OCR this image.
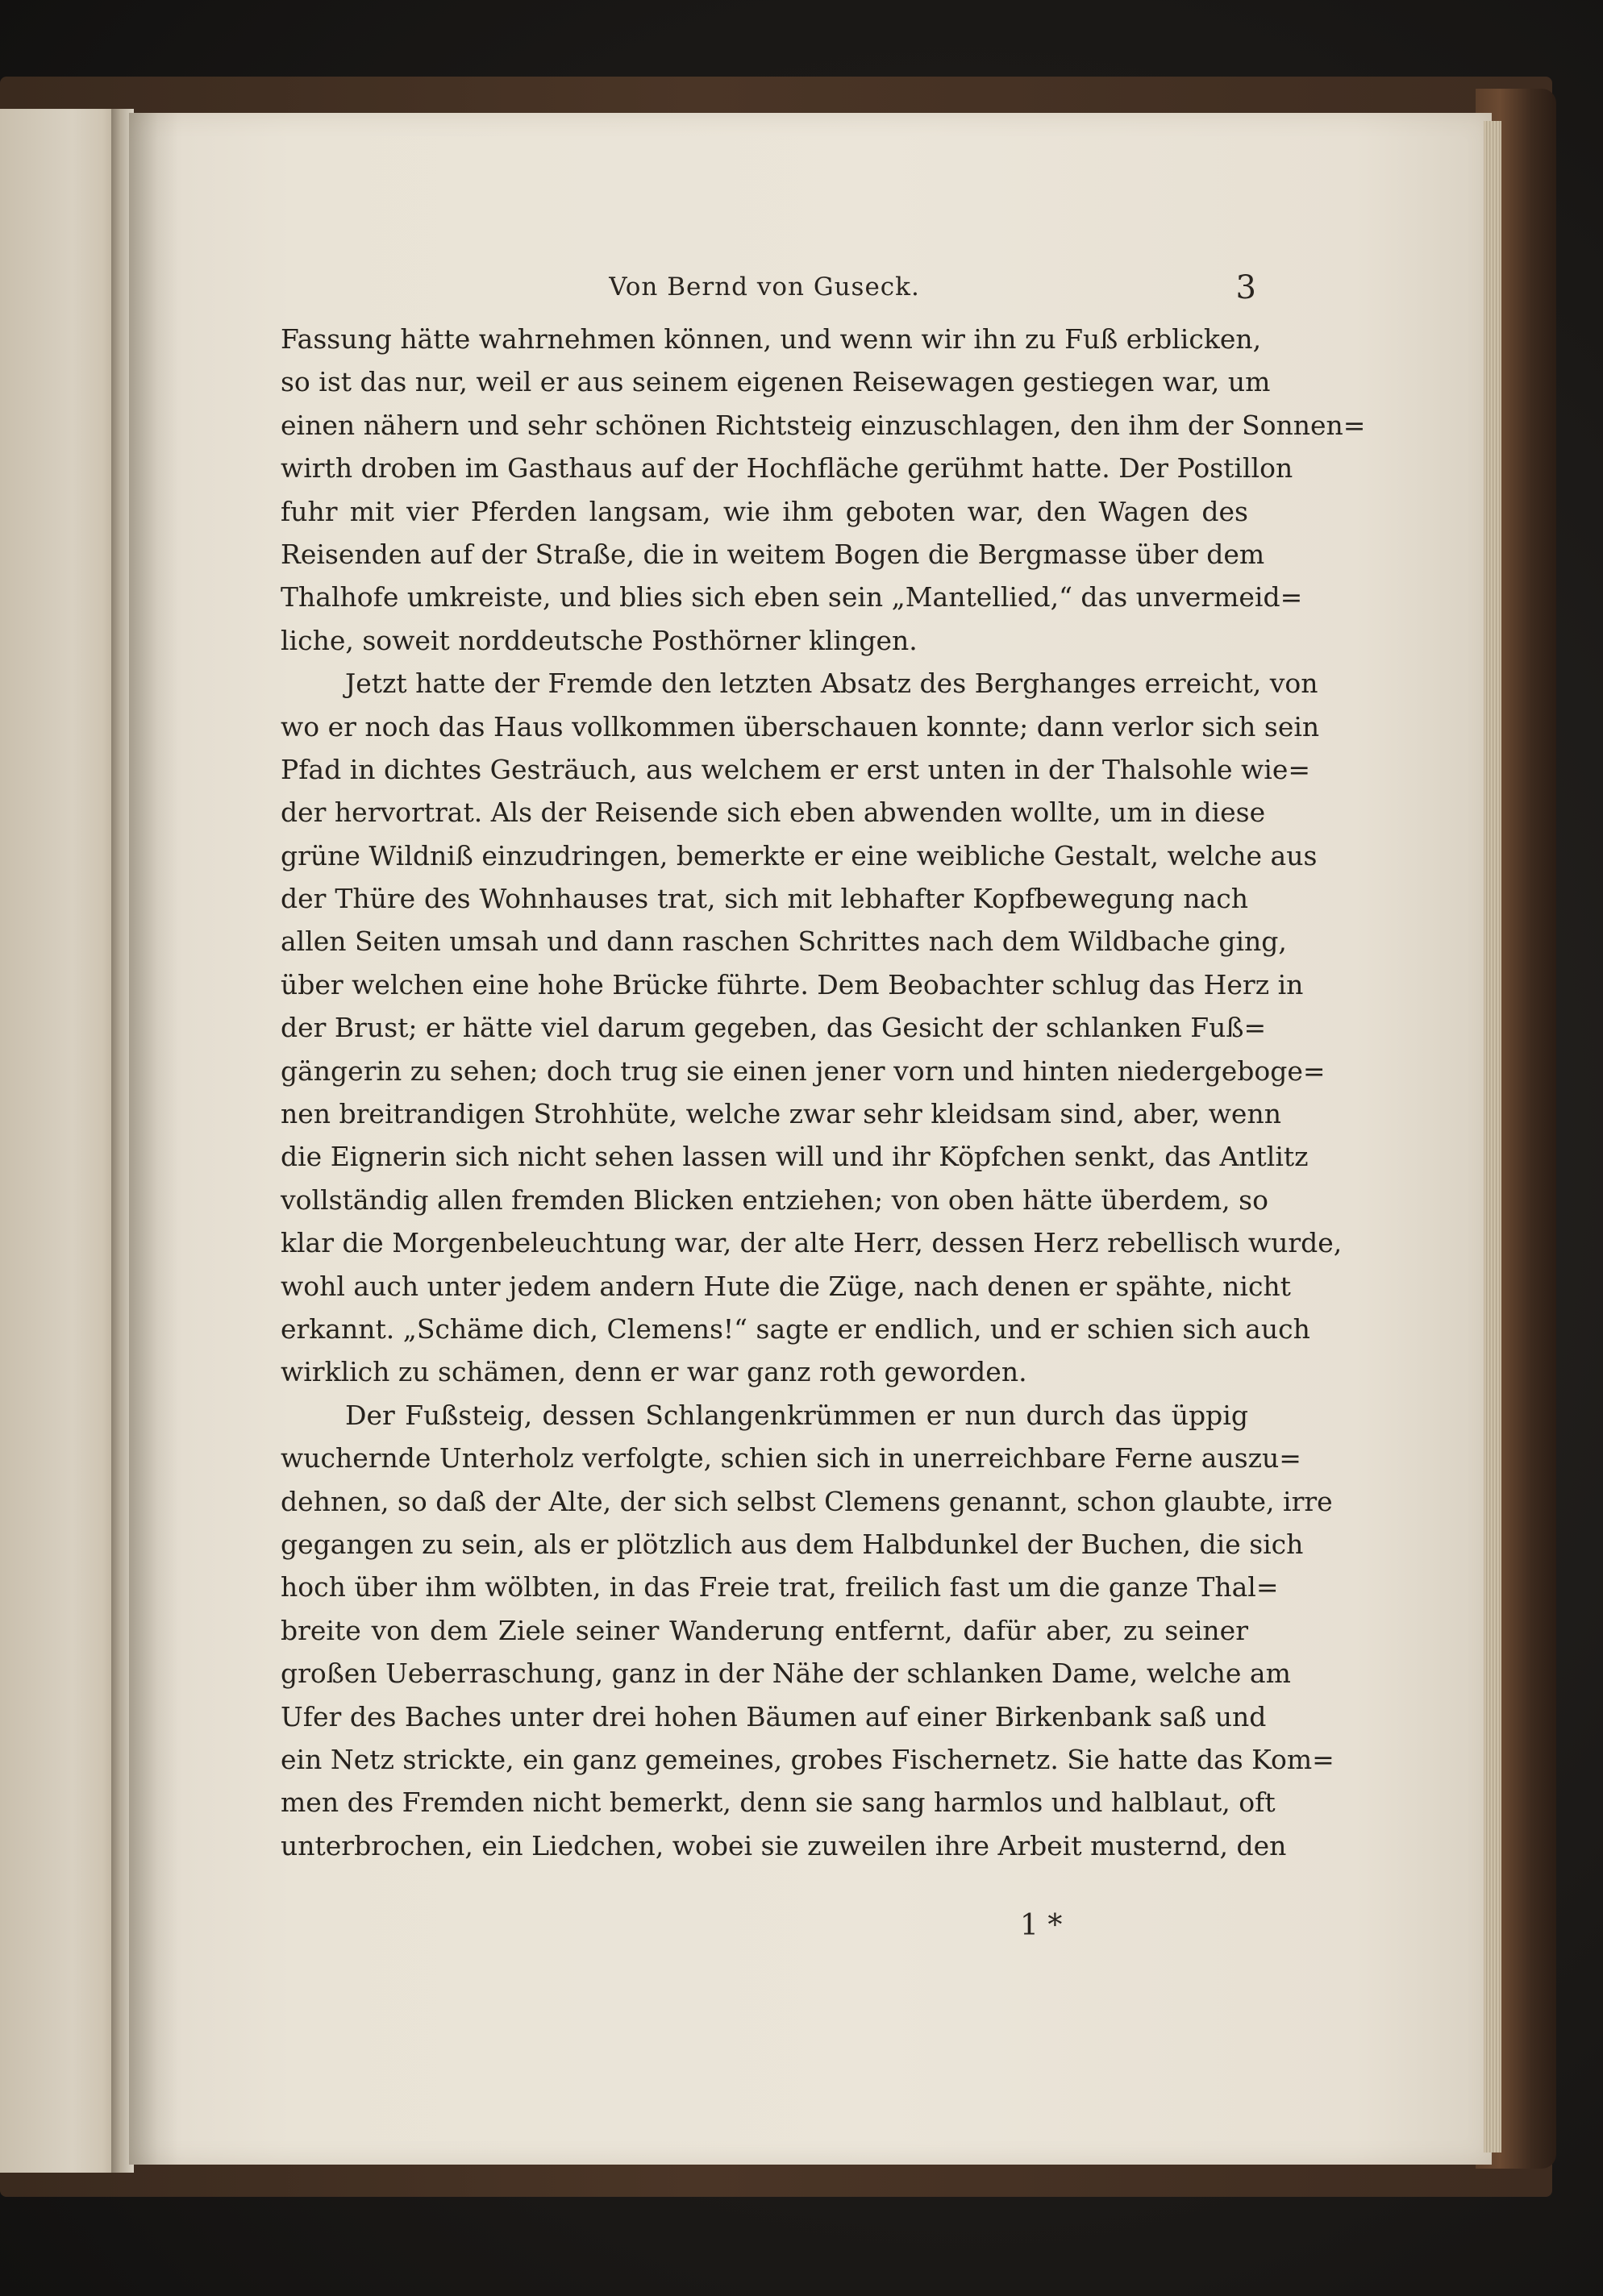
Von Bernd von Guseck.	3
Fassung hätte wahrnehmen können, und wenn wir ihn zu Fuß erblicken,
so ist das nur, weil er aus seinem eigenen Reisewagen gestiegen war, um
einen nähern und sehr schönen Richtsteig einzuschlagen, den ihm der Sonnen=
wirth droben im Gasthaus auf der Hochfläche gerühmt hatte. Der Postillon
fuhr mit vier Pferden langsam, wie ihm geboten war, den Wagen des
Reisenden auf der Straße, die in weitem Bogen die Bergmasse über dem
Thalhofe umkreiste, und blies sich eben sein „Mantellied,“ das unvermeid=
liche, soweit norddeutsche Posthörner klingen.
Jetzt hatte der Fremde den letzten Absatz des Berghanges erreicht, von
wo er noch das Haus vollkommen überschauen konnte; dann verlor sich sein
Pfad in dichtes Gesträuch, aus welchem er erst unten in der Thalsohle wie=
der hervortrat. Als der Reisende sich eben abwenden wollte, um in diese
grüne Wildniß einzudringen, bemerkte er eine weibliche Gestalt, welche aus
der Thüre des Wohnhauses trat, sich mit lebhafter Kopfbewegung nach
allen Seiten umsah und dann raschen Schrittes nach dem Wildbache ging,
über welchen eine hohe Brücke führte. Dem Beobachter schlug das Herz in
der Brust; er hätte viel darum gegeben, das Gesicht der schlanken Fuß=
gängerin zu sehen; doch trug sie einen jener vorn und hinten niedergeboge=
nen breitrandigen Strohhüte, welche zwar sehr kleidsam sind, aber, wenn
die Eignerin sich nicht sehen lassen will und ihr Köpfchen senkt, das Antlitz
vollständig allen fremden Blicken entziehen; von oben hätte überdem, so
klar die Morgenbeleuchtung war, der alte Herr, dessen Herz rebellisch wurde,
wohl auch unter jedem andern Hute die Züge, nach denen er spähte, nicht
erkannt. „Schäme dich, Clemens!“ sagte er endlich, und er schien sich auch
wirklich zu schämen, denn er war ganz roth geworden.
Der Fußsteig, dessen Schlangenkrümmen er nun durch das üppig
wuchernde Unterholz verfolgte, schien sich in unerreichbare Ferne auszu=
dehnen, so daß der Alte, der sich selbst Clemens genannt, schon glaubte, irre
gegangen zu sein, als er plötzlich aus dem Halbdunkel der Buchen, die sich
hoch über ihm wölbten, in das Freie trat, freilich fast um die ganze Thal=
breite von dem Ziele seiner Wanderung entfernt, dafür aber, zu seiner
großen Ueberraschung, ganz in der Nähe der schlanken Dame, welche am
Ufer des Baches unter drei hohen Bäumen auf einer Birkenbank saß und
ein Netz strickte, ein ganz gemeines, grobes Fischernetz. Sie hatte das Kom=
men des Fremden nicht bemerkt, denn sie sang harmlos und halblaut, oft
unterbrochen, ein Liedchen, wobei sie zuweilen ihre Arbeit musternd, den
1 *
